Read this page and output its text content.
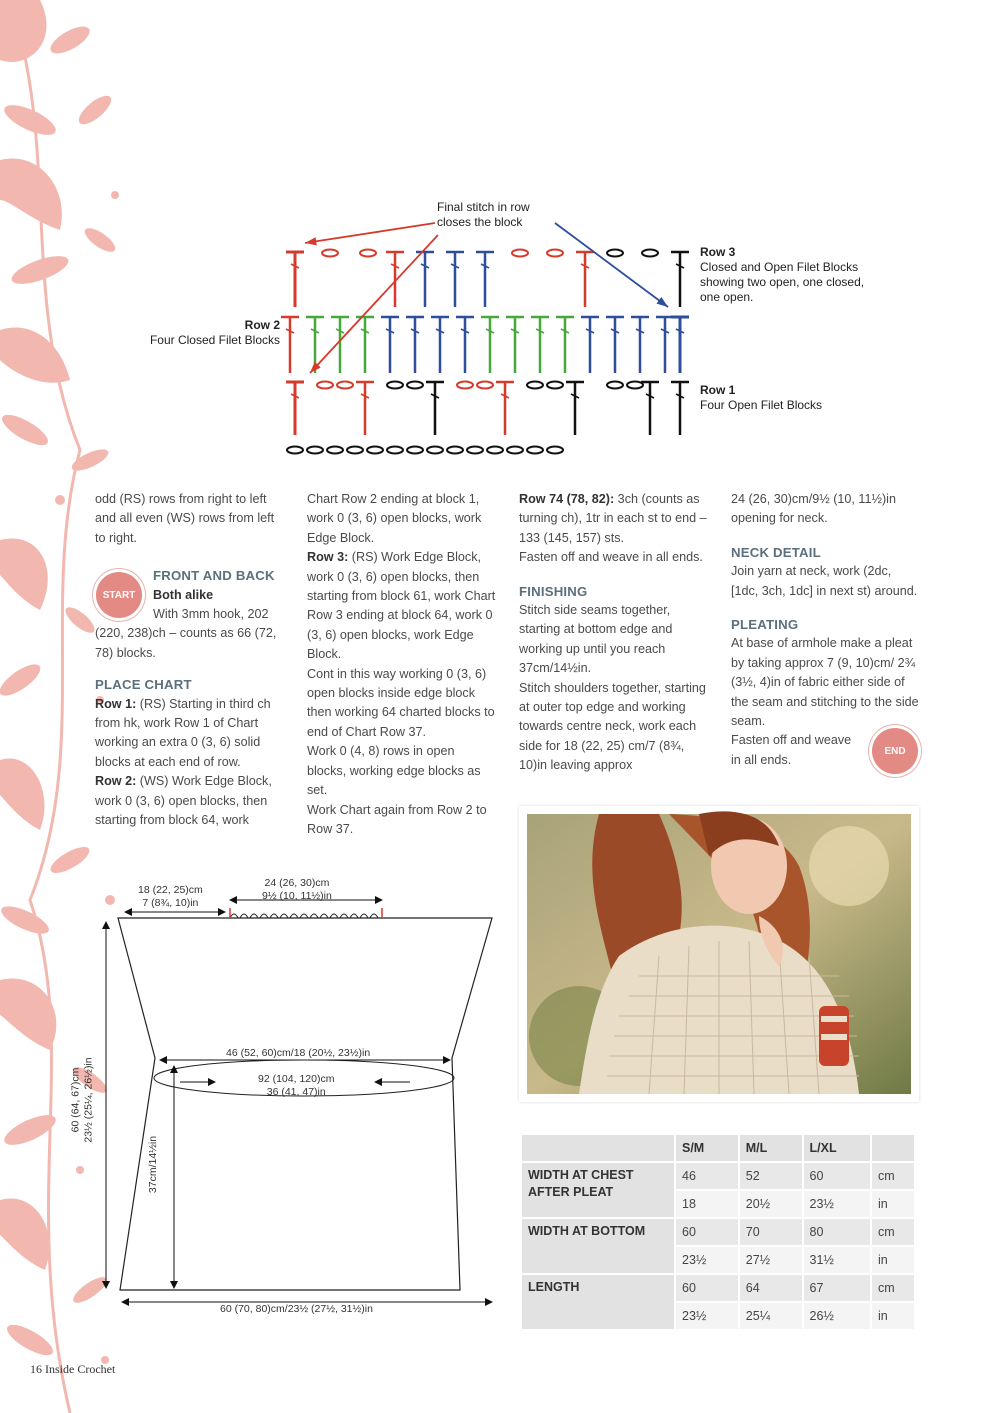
Final stitch in row
closes the block
Row 3
Closed and Open Filet Blocks
showing two open, one closed,
one open.
Row 2
Four Closed Filet Blocks
Row 1
Four Open Filet Blocks

odd (RS) rows from right to left and all even (WS) rows from left to right.

FRONT AND BACK

Both alike

With 3mm hook, 202 (220, 238)ch – counts as 66 (72, 78) blocks.

PLACE CHART

Row 1: (RS) Starting in third ch from hk, work Row 1 of Chart working an extra 0 (3, 6) solid blocks at each end of row.

Row 2: (WS) Work Edge Block, work 0 (3, 6) open blocks, then starting from block 64, work

START

Chart Row 2 ending at block 1, work 0 (3, 6) open blocks, work Edge Block.

Row 3: (RS) Work Edge Block, work 0 (3, 6) open blocks, then starting from block 61, work Chart Row 3 ending at block 64, work 0 (3, 6) open blocks, work Edge Block.

Cont in this way working 0 (3, 6) open blocks inside edge block then working 64 charted blocks to end of Chart Row 37.

Work 0 (4, 8) rows in open blocks, working edge blocks as set.

Work Chart again from Row 2 to Row 37.

Row 74 (78, 82): 3ch (counts as turning ch), 1tr in each st to end – 133 (145, 157) sts.

Fasten off and weave in all ends.

FINISHING

Stitch side seams together, starting at bottom edge and working up until you reach 37cm/14½in.

Stitch shoulders together, starting at outer top edge and working towards centre neck, work each side for 18 (22, 25) cm/7 (8¾, 10)in leaving approx

24 (26, 30)cm/9½ (10, 11½)in opening for neck.

NECK DETAIL

Join yarn at neck, work (2dc, [1dc, 3ch, 1dc] in next st) around.

PLEATING

At base of armhole make a pleat by taking approx 7 (9, 10)cm/ 2¾ (3½, 4)in of fabric either side of the seam and stitching to the side seam.

Fasten off and weave in all ends.

END
18 (22, 25)cm
7 (8¾, 10)in
24 (26, 30)cm
9½ (10, 11½)in
46 (52, 60)cm/18 (20½, 23½)in
92 (104, 120)cm
36 (41, 47)in
60 (64, 67)cm 23½ (25¼, 26½)in
37cm/14½in
60 (70, 80)cm/23½ (27½, 31½)in
	S/M	M/L	L/XL	

WIDTH AT CHEST
AFTER PLEAT	46	52	60	cm
	18	20½	23½	in

WIDTH AT BOTTOM	60	70	80	cm
	23½	27½	31½	in

LENGTH	60	64	67	cm
	23½	25¼	26½	in
16 Inside Crochet
